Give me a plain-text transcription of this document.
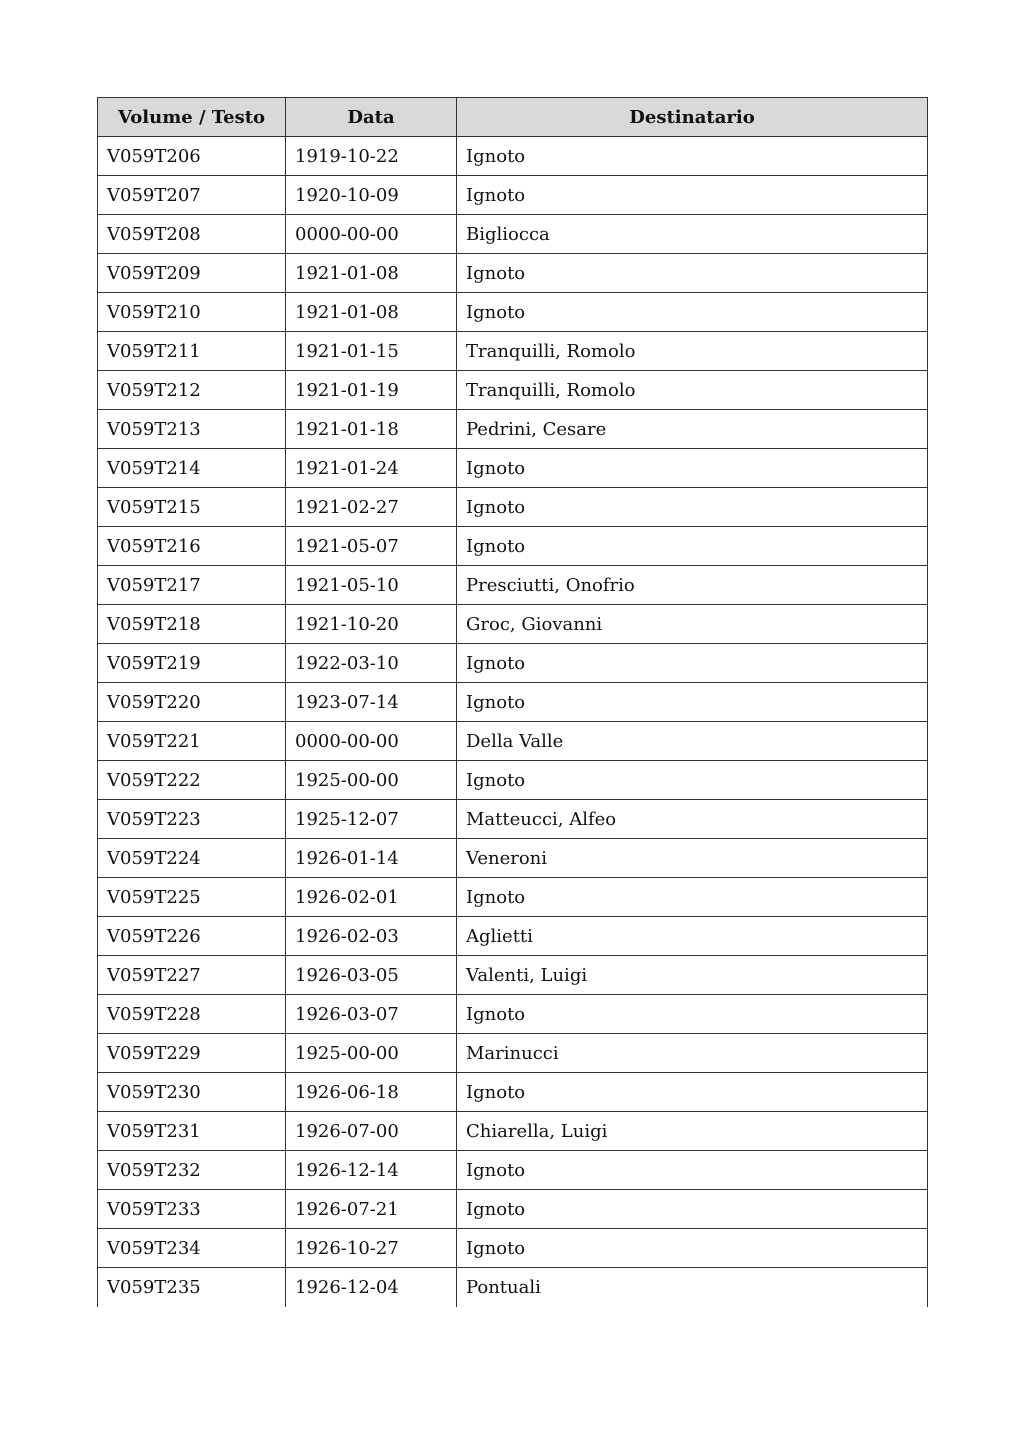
Volume / Testo	Data	Destinatario
V059T206	1919-10-22	Ignoto
V059T207	1920-10-09	Ignoto
V059T208	0000-00-00	Bigliocca
V059T209	1921-01-08	Ignoto
V059T210	1921-01-08	Ignoto
V059T211	1921-01-15	Tranquilli, Romolo
V059T212	1921-01-19	Tranquilli, Romolo
V059T213	1921-01-18	Pedrini, Cesare
V059T214	1921-01-24	Ignoto
V059T215	1921-02-27	Ignoto
V059T216	1921-05-07	Ignoto
V059T217	1921-05-10	Presciutti, Onofrio
V059T218	1921-10-20	Groc, Giovanni
V059T219	1922-03-10	Ignoto
V059T220	1923-07-14	Ignoto
V059T221	0000-00-00	Della Valle
V059T222	1925-00-00	Ignoto
V059T223	1925-12-07	Matteucci, Alfeo
V059T224	1926-01-14	Veneroni
V059T225	1926-02-01	Ignoto
V059T226	1926-02-03	Aglietti
V059T227	1926-03-05	Valenti, Luigi
V059T228	1926-03-07	Ignoto
V059T229	1925-00-00	Marinucci
V059T230	1926-06-18	Ignoto
V059T231	1926-07-00	Chiarella, Luigi
V059T232	1926-12-14	Ignoto
V059T233	1926-07-21	Ignoto
V059T234	1926-10-27	Ignoto
V059T235	1926-12-04	Pontuali
